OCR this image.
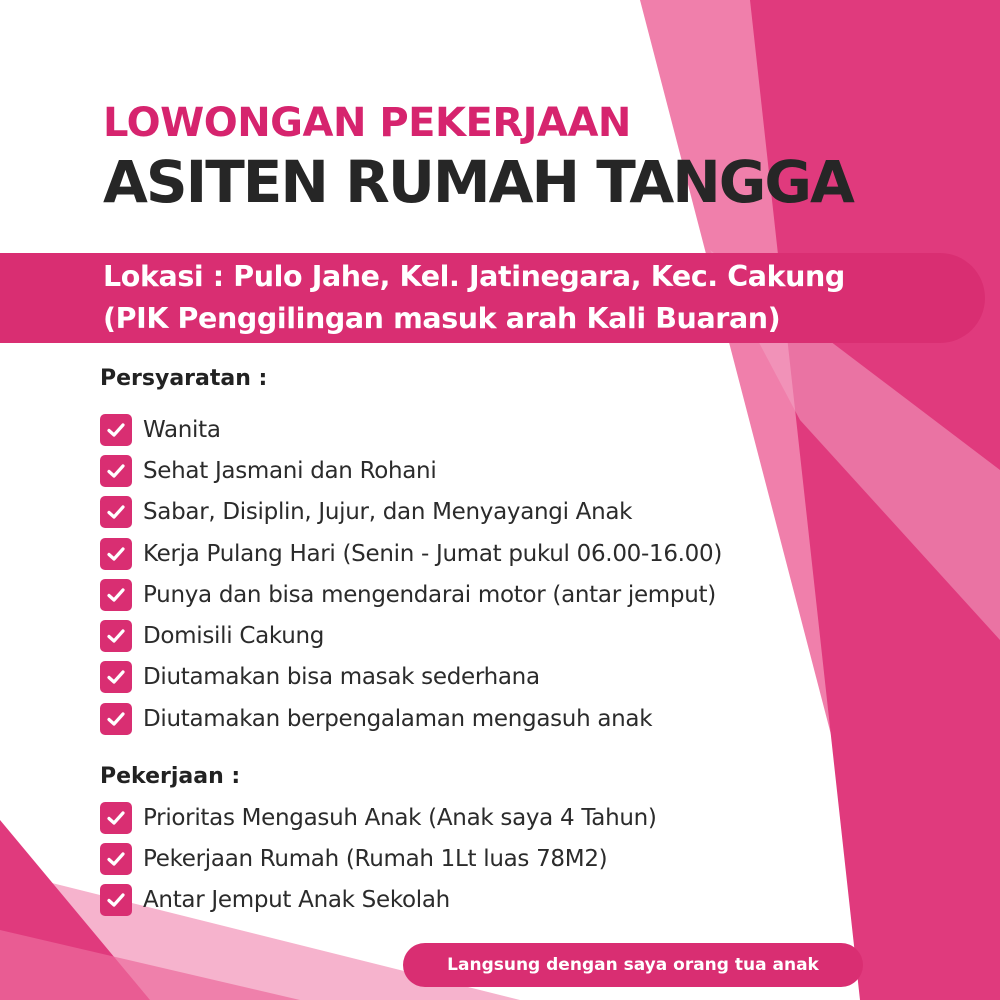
LOWONGAN PEKERJAAN
ASITEN RUMAH TANGGA
Lokasi : Pulo Jahe, Kel. Jatinegara, Kec. Cakung
(PIK Penggilingan masuk arah Kali Buaran)
Persyaratan :
Wanita
Sehat Jasmani dan Rohani
Sabar, Disiplin, Jujur, dan Menyayangi Anak
Kerja Pulang Hari (Senin - Jumat pukul 06.00-16.00)
Punya dan bisa mengendarai motor (antar jemput)
Domisili Cakung
Diutamakan bisa masak sederhana
Diutamakan berpengalaman mengasuh anak
Pekerjaan :
Prioritas Mengasuh Anak (Anak saya 4 Tahun)
Pekerjaan Rumah (Rumah 1Lt luas 78M2)
Antar Jemput Anak Sekolah
Langsung dengan saya orang tua anak
